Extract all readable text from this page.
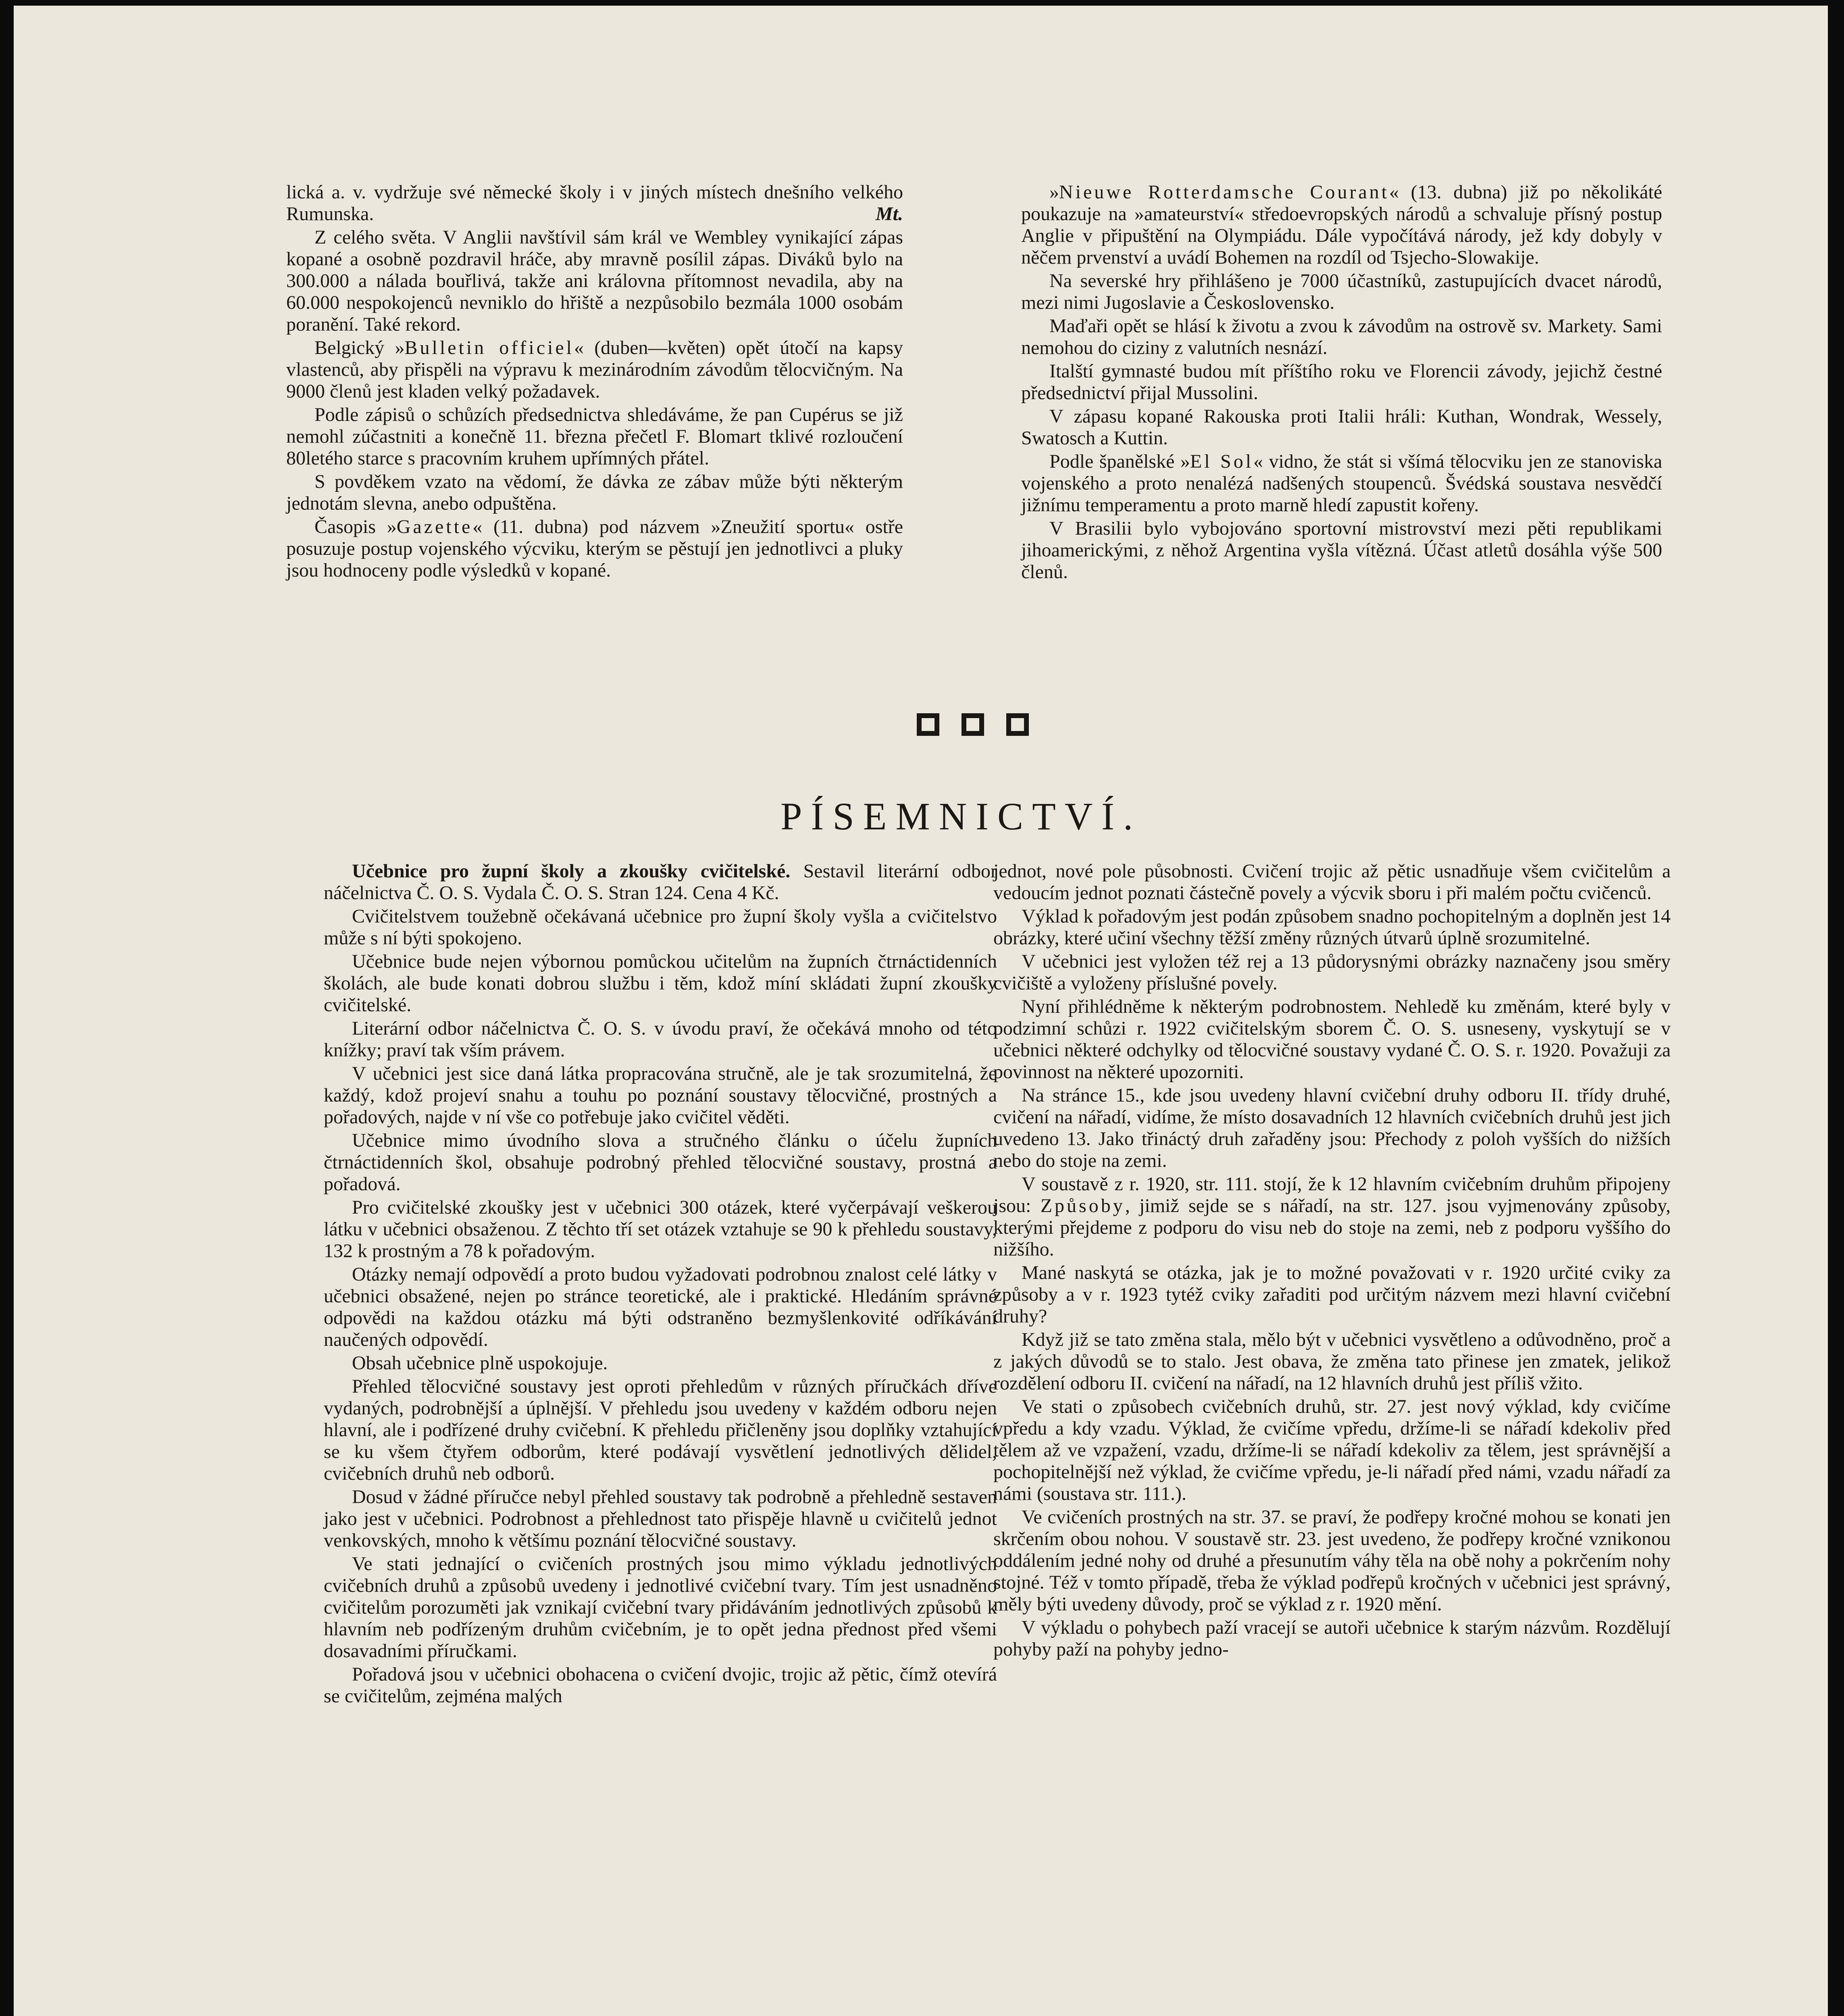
lická a. v. vydržuje své německé školy i v jiných místech dnešního velkého Rumunska.	Mt.

Z celého světa. V Anglii navštívil sám král ve Wembley vynikající zápas kopané a osobně pozdravil hráče, aby mravně posílil zápas. Diváků bylo na 300.000 a nálada bouřlivá, takže ani královna přítomnost nevadila, aby na 60.000 nespokojenců nevniklo do hřiště a nezpůsobilo bezmála 1000 osobám poranění. Také rekord.

Belgický »Bulletin officiel« (duben—květen) opět útočí na kapsy vlastenců, aby přispěli na výpravu k mezinárodním závodům tělocvičným. Na 9000 členů jest kladen velký požadavek.

Podle zápisů o schůzích předsednictva shledáváme, že pan Cupérus se již nemohl zúčastniti a konečně 11. března přečetl F. Blomart tklivé rozloučení 80letého starce s pracovním kruhem upřímných přátel.

S povděkem vzato na vědomí, že dávka ze zábav může býti některým jednotám slevna, anebo odpuštěna.

Časopis »Gazette« (11. dubna) pod názvem »Zneužití sportu« ostře posuzuje postup vojenského výcviku, kterým se pěstují jen jednotlivci a pluky jsou hodnoceny podle výsledků v kopané.

»Nieuwe Rotterdamsche Courant« (13. dubna) již po několikáté poukazuje na »amateurství« středoevropských národů a schvaluje přísný postup Anglie v připuštění na Olympiádu. Dále vypočítává národy, jež kdy dobyly v něčem prvenství a uvádí Bohemen na rozdíl od Tsjecho-Slowakije.

Na severské hry přihlášeno je 7000 účastníků, zastupujících dvacet národů, mezi nimi Jugoslavie a Československo.

Maďaři opět se hlásí k životu a zvou k závodům na ostrově sv. Markety. Sami nemohou do ciziny z valutních nesnází.

Italští gymnasté budou mít příštího roku ve Florencii závody, jejichž čestné předsednictví přijal Mussolini.

V zápasu kopané Rakouska proti Italii hráli: Kuthan, Wondrak, Wessely, Swatosch a Kuttin.

Podle španělské »El Sol« vidno, že stát si všímá tělocviku jen ze stanoviska vojenského a proto nenalézá nadšených stoupenců. Švédská soustava nesvědčí jižnímu temperamentu a proto marně hledí zapustit kořeny.

V Brasilii bylo vybojováno sportovní mistrovství mezi pěti republikami jihoamerickými, z něhož Argentina vyšla vítězná. Účast atletů dosáhla výše 500 členů.

PÍSEMNICTVÍ.

Učebnice pro župní školy a zkoušky cvičitelské. Sestavil literární odbor náčelnictva Č. O. S. Vydala Č. O. S. Stran 124. Cena 4 Kč.

Cvičitelstvem toužebně očekávaná učebnice pro župní školy vyšla a cvičitelstvo může s ní býti spokojeno.

Učebnice bude nejen výbornou pomůckou učitelům na župních čtrnáctidenních školách, ale bude konati dobrou službu i těm, kdož míní skládati župní zkoušky cvičitelské.

Literární odbor náčelnictva Č. O. S. v úvodu praví, že očekává mnoho od této knížky; praví tak vším právem.

V učebnici jest sice daná látka propracována stručně, ale je tak srozumitelná, že každý, kdož projeví snahu a touhu po poznání soustavy tělocvičné, prostných a pořadových, najde v ní vše co potřebuje jako cvičitel věděti.

Učebnice mimo úvodního slova a stručného článku o účelu župních čtrnáctidenních škol, obsahuje podrobný přehled tělocvičné soustavy, prostná a pořadová.

Pro cvičitelské zkoušky jest v učebnici 300 otázek, které vyčerpávají veškerou látku v učebnici obsaženou. Z těchto tří set otázek vztahuje se 90 k přehledu soustavy, 132 k prostným a 78 k pořadovým.

Otázky nemají odpovědí a proto budou vyžadovati podrobnou znalost celé látky v učebnici obsažené, nejen po stránce teoretické, ale i praktické. Hledáním správné odpovědi na každou otázku má býti odstraněno bezmyšlenkovité odříkávání naučených odpovědí.

Obsah učebnice plně uspokojuje.

Přehled tělocvičné soustavy jest oproti přehledům v různých příručkách dříve vydaných, podrobnější a úplnější. V přehledu jsou uvedeny v každém odboru nejen hlavní, ale i podřízené druhy cvičební. K přehledu přičleněny jsou doplňky vztahující se ku všem čtyřem odborům, které podávají vysvětlení jednotlivých dělidel, cvičebních druhů neb odborů.

Dosud v žádné příručce nebyl přehled soustavy tak podrobně a přehledně sestaven jako jest v učebnici. Podrobnost a přehlednost tato přispěje hlavně u cvičitelů jednot venkovských, mnoho k většímu poznání tělocvičné soustavy.

Ve stati jednající o cvičeních prostných jsou mimo výkladu jednotlivých cvičebních druhů a způsobů uvedeny i jednotlivé cvičební tvary. Tím jest usnadněno cvičitelům porozuměti jak vznikají cvičební tvary přidáváním jednotlivých způsobů k hlavním neb podřízeným druhům cvičebním, je to opět jedna přednost před všemi dosavadními příručkami.

Pořadová jsou v učebnici obohacena o cvičení dvojic, trojic až pětic, čímž otevírá se cvičitelům, zejména malých

jednot, nové pole působnosti. Cvičení trojic až pětic usnadňuje všem cvičitelům a vedoucím jednot poznati částečně povely a výcvik sboru i při malém počtu cvičenců.

Výklad k pořadovým jest podán způsobem snadno pochopitelným a doplněn jest 14 obrázky, které učiní všechny těžší změny různých útvarů úplně srozumitelné.

V učebnici jest vyložen též rej a 13 půdorysnými obrázky naznačeny jsou směry cvičiště a vyloženy příslušné povely.

Nyní přihlédněme k některým podrobnostem. Nehledě ku změnám, které byly v podzimní schůzi r. 1922 cvičitelským sborem Č. O. S. usneseny, vyskytují se v učebnici některé odchylky od tělocvičné soustavy vydané Č. O. S. r. 1920. Považuji za povinnost na některé upozorniti.

Na stránce 15., kde jsou uvedeny hlavní cvičební druhy odboru II. třídy druhé, cvičení na nářadí, vidíme, že místo dosavadních 12 hlavních cvičebních druhů jest jich uvedeno 13. Jako třináctý druh zařaděny jsou: Přechody z poloh vyšších do nižších nebo do stoje na zemi.

V soustavě z r. 1920, str. 111. stojí, že k 12 hlavním cvičebním druhům připojeny jsou: Způsoby, jimiž sejde se s nářadí, na str. 127. jsou vyjmenovány způsoby, kterými přejdeme z podporu do visu neb do stoje na zemi, neb z podporu vyššího do nižšího.

Mané naskytá se otázka, jak je to možné považovati v r. 1920 určité cviky za způsoby a v r. 1923 tytéž cviky zařaditi pod určitým názvem mezi hlavní cvičební druhy?

Když již se tato změna stala, mělo být v učebnici vysvětleno a odůvodněno, proč a z jakých důvodů se to stalo. Jest obava, že změna tato přinese jen zmatek, jelikož rozdělení odboru II. cvičení na nářadí, na 12 hlavních druhů jest příliš vžito.

Ve stati o způsobech cvičebních druhů, str. 27. jest nový výklad, kdy cvičíme vpředu a kdy vzadu. Výklad, že cvičíme vpředu, držíme-li se nářadí kdekoliv před tělem až ve vzpažení, vzadu, držíme-li se nářadí kdekoliv za tělem, jest správnější a pochopitelnější než výklad, že cvičíme vpředu, je-li nářadí před námi, vzadu nářadí za námi (soustava str. 111.).

Ve cvičeních prostných na str. 37. se praví, že podřepy kročné mohou se konati jen skrčením obou nohou. V soustavě str. 23. jest uvedeno, že podřepy kročné vznikonou oddálením jedné nohy od druhé a přesunutím váhy těla na obě nohy a pokrčením nohy stojné. Též v tomto případě, třeba že výklad podřepů kročných v učebnici jest správný, měly býti uvedeny důvody, proč se výklad z r. 1920 mění.

V výkladu o pohybech paží vracejí se autoři učebnice k starým názvům. Rozdělují pohyby paží na pohyby jedno-
